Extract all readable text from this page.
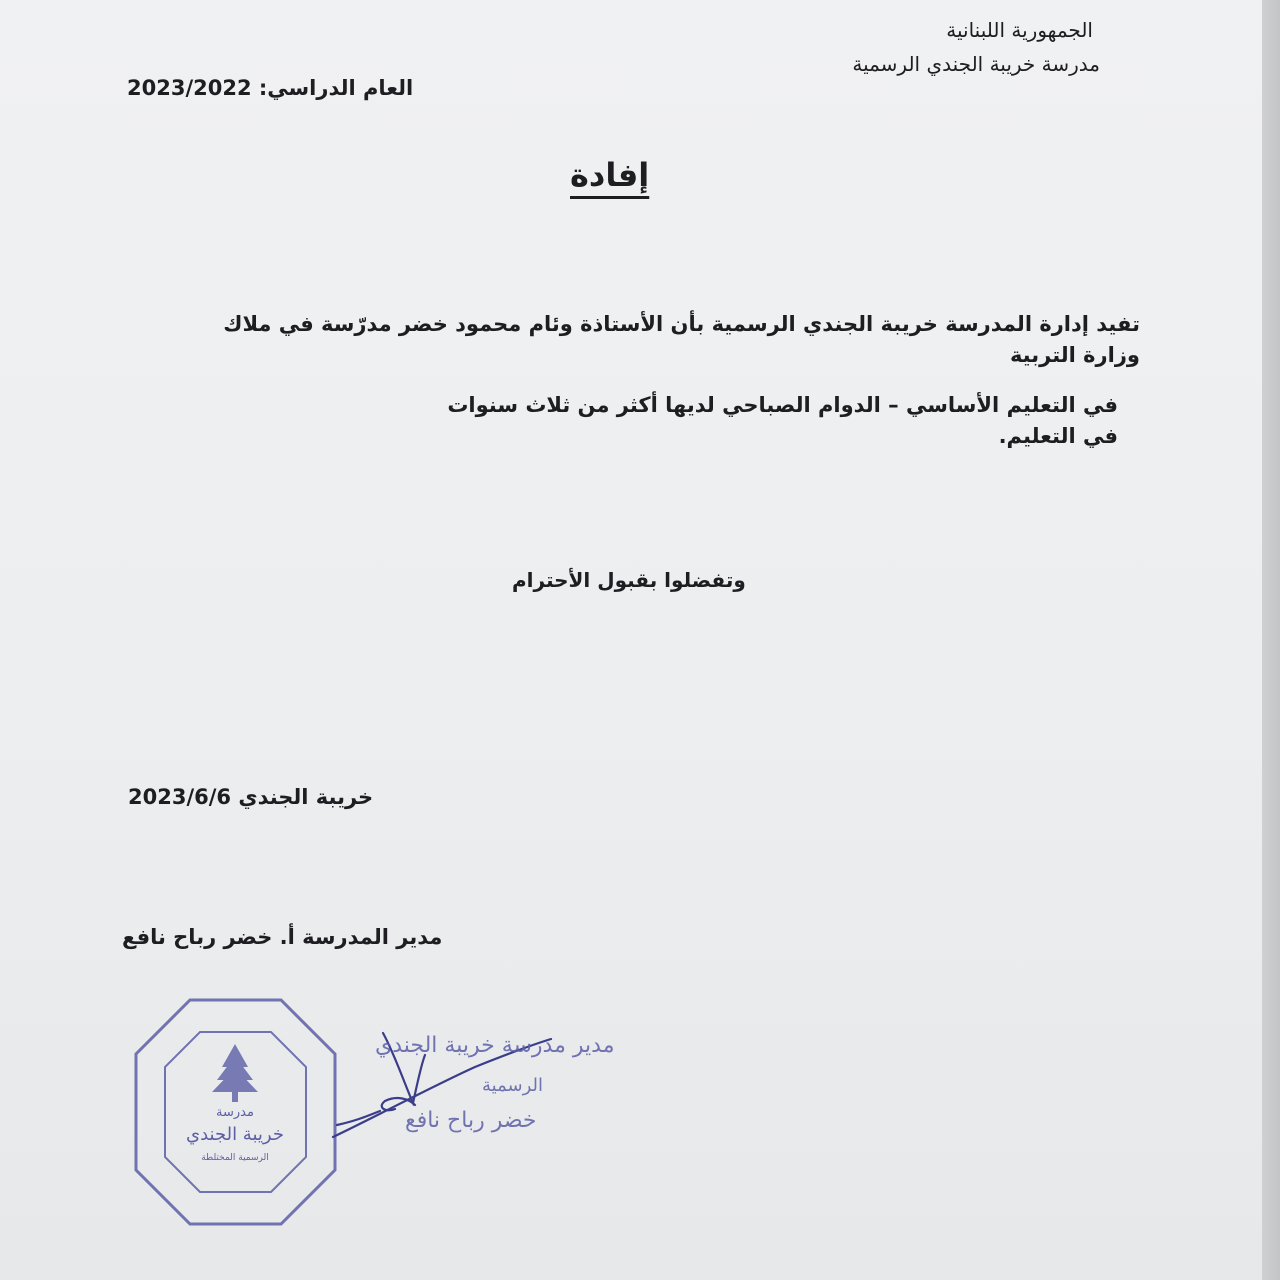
الجمهورية اللبنانية
مدرسة خريبة الجندي الرسمية
العام الدراسي: 2023/2022
إفادة
تفيد إدارة المدرسة خريبة الجندي الرسمية بأن الأستاذة وئام محمود خضر مدرّسة في ملاك
وزارة التربية
في التعليم الأساسي – الدوام الصباحي لديها أكثر من ثلاث سنوات
في التعليم.
وتفضلوا بقبول الأحترام
خريبة الجندي 2023/6/6
مدير المدرسة أ. خضر رباح نافع
مدرسة
خريبة الجندي
الرسمية المختلطة
مدير مدرسة خريبة الجندي
الرسمية
خضر رباح نافع
